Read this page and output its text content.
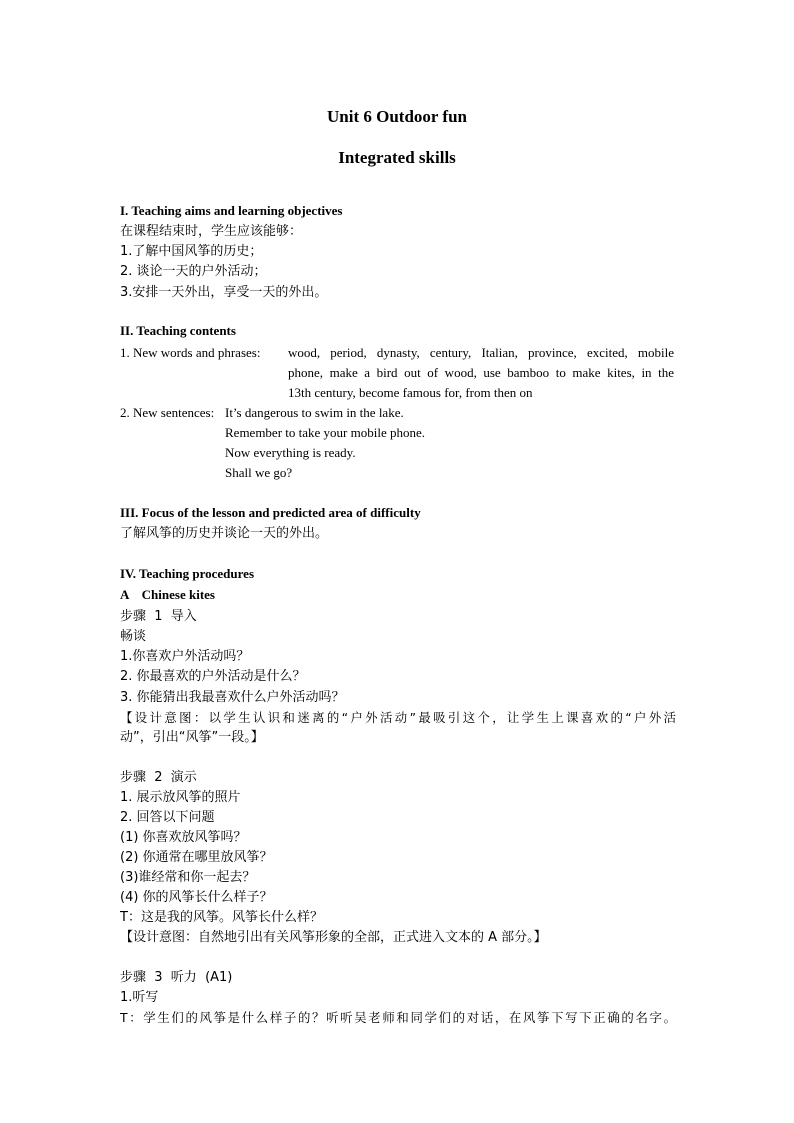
Unit 6 Outdoor fun
Integrated skills
I. Teaching aims and learning objectives
在课程结束时，学生应该能够：
1.了解中国风筝的历史；
2. 谈论一天的户外活动；
3.安排一天外出，享受一天的外出。
II. Teaching contents
1. New words and phrases: wood, period, dynasty, century, Italian, province, excited, mobile
phone, make a bird out of wood, use bamboo to make kites, in the
13th century, become famous for, from then on
2. New sentences: It’s dangerous to swim in the lake.
Remember to take your mobile phone.
Now everything is ready.
Shall we go?
III. Focus of the lesson and predicted area of difficulty
了解风筝的历史并谈论一天的外出。
IV. Teaching procedures
A    Chinese kites
步骤  1  导入
畅谈
1.你喜欢户外活动吗？
2. 你最喜欢的户外活动是什么？
3. 你能猜出我最喜欢什么户外活动吗？
【设计意图：以学生认识和迷离的“户外活动”最吸引这个，让学生上课喜欢的“户外活
动”，引出“风筝”一段。】
步骤  2  演示
1. 展示放风筝的照片
2. 回答以下问题
(1) 你喜欢放风筝吗？
(2) 你通常在哪里放风筝？
(3)谁经常和你一起去？
(4) 你的风筝长什么样子？
T：这是我的风筝。风筝长什么样？
【设计意图：自然地引出有关风筝形象的全部，正式进入文本的 A 部分。】
步骤  3  听力  (A1)
1.听写
T：学生们的风筝是什么样子的？听听吴老师和同学们的对话，在风筝下写下正确的名字。
